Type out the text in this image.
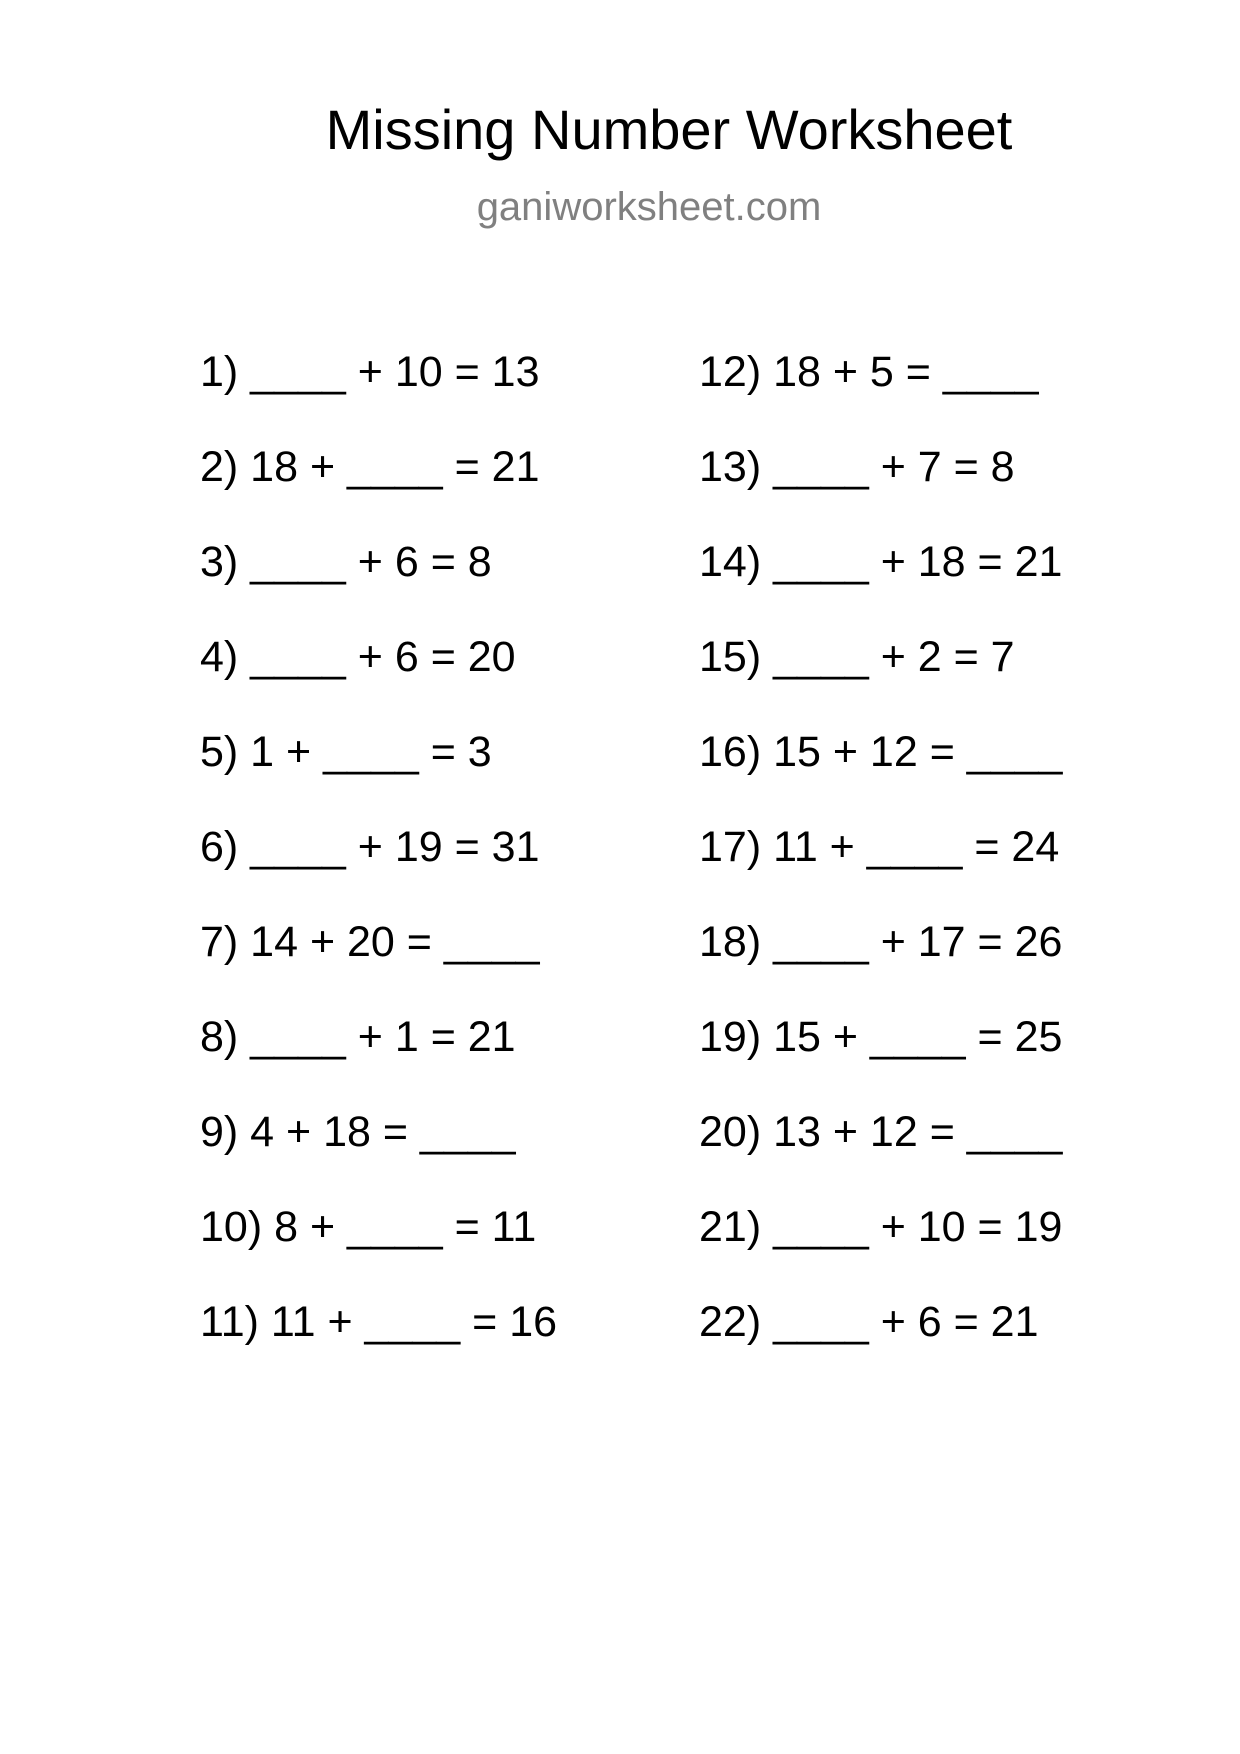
Missing Number Worksheet
ganiworksheet.com
1) ____ + 10 = 13
2) 18 + ____ = 21
3) ____ + 6 = 8
4) ____ + 6 = 20
5) 1 + ____ = 3
6) ____ + 19 = 31
7) 14 + 20 = ____
8) ____ + 1 = 21
9) 4 + 18 = ____
10) 8 + ____ = 11
11) 11 + ____ = 16
12) 18 + 5 = ____
13) ____ + 7 = 8
14) ____ + 18 = 21
15) ____ + 2 = 7
16) 15 + 12 = ____
17) 11 + ____ = 24
18) ____ + 17 = 26
19) 15 + ____ = 25
20) 13 + 12 = ____
21) ____ + 10 = 19
22) ____ + 6 = 21
